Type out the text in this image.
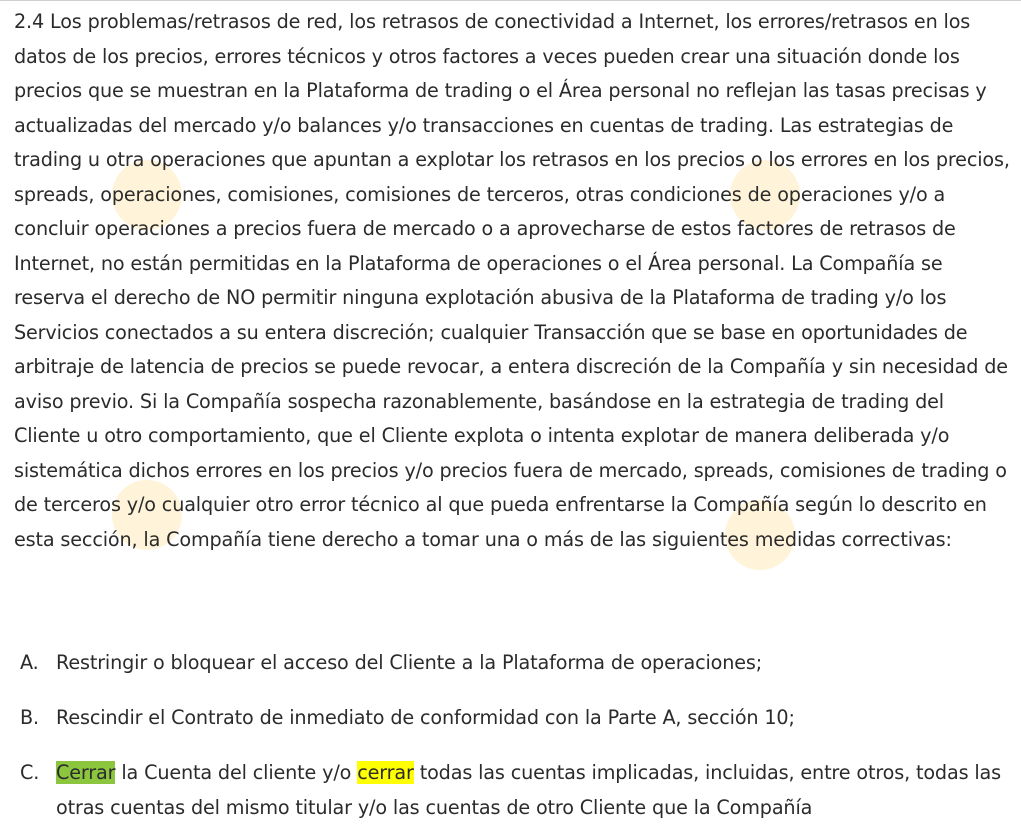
2.4 Los problemas/retrasos de red, los retrasos de conectividad a Internet, los errores/retrasos en los datos de los precios, errores técnicos y otros factores a veces pueden crear una situación donde los precios que se muestran en la Plataforma de trading o el Área personal no reflejan las tasas precisas y actualizadas del mercado y/o balances y/o transacciones en cuentas de trading. Las estrategias de trading u otra operaciones que apuntan a explotar los retrasos en los precios o los errores en los precios, spreads, operaciones, comisiones, comisiones de terceros, otras condiciones de operaciones y/o a concluir operaciones a precios fuera de mercado o a aprovecharse de estos factores de retrasos de Internet, no están permitidas en la Plataforma de operaciones o el Área personal. La Compañía se reserva el derecho de NO permitir ninguna explotación abusiva de la Plataforma de trading y/o los Servicios conectados a su entera discreción; cualquier Transacción que se base en oportunidades de arbitraje de latencia de precios se puede revocar, a entera discreción de la Compañía y sin necesidad de aviso previo. Si la Compañía sospecha razonablemente, basándose en la estrategia de trading del Cliente u otro comportamiento, que el Cliente explota o intenta explotar de manera deliberada y/o sistemática dichos errores en los precios y/o precios fuera de mercado, spreads, comisiones de trading o de terceros y/o cualquier otro error técnico al que pueda enfrentarse la Compañía según lo descrito en esta sección, la Compañía tiene derecho a tomar una o más de las siguientes medidas correctivas:

A. Restringir o bloquear el acceso del Cliente a la Plataforma de operaciones;
B. Rescindir el Contrato de inmediato de conformidad con la Parte A, sección 10;
C. Cerrar la Cuenta del cliente y/o cerrar todas las cuentas implicadas, incluidas, entre otros, todas las otras cuentas del mismo titular y/o las cuentas de otro Cliente que la Compañía
